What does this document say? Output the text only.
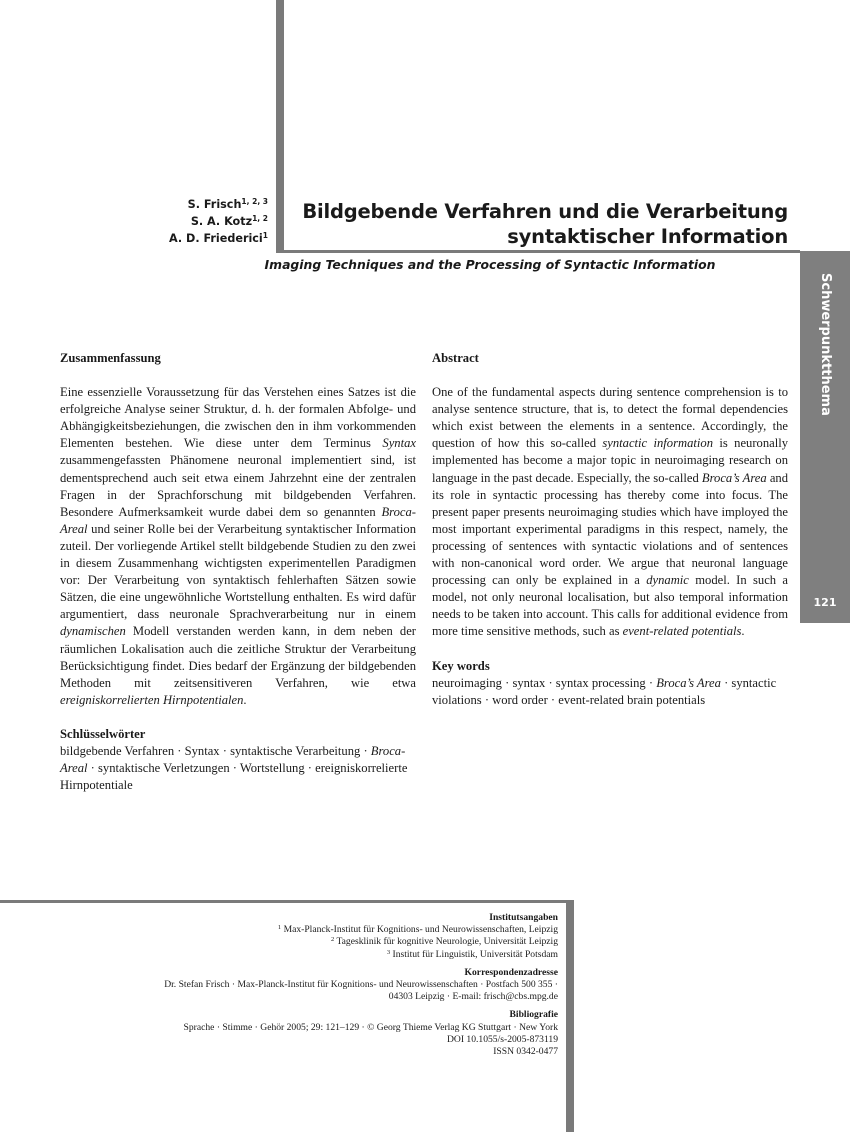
Schwerpunktthema
121
S. Frisch$^{1, 2, 3}$
S. A. Kotz$^{1, 2}$
A. D. Friederici$^1$
Bildgebende Verfahren und die Verarbeitung
syntaktischer Information
Imaging Techniques and the Processing of Syntactic Information
Zusammenfassung

Eine essenzielle Voraussetzung für das Verstehen eines Satzes ist die erfolgreiche Analyse seiner Struktur, d. h. der formalen Abfolge- und Abhängigkeitsbeziehungen, die zwischen den in ihm vorkommenden Elementen bestehen. Wie diese unter dem Terminus Syntax zusammengefassten Phänomene neuronal implementiert sind, ist dementsprechend auch seit etwa einem Jahrzehnt eine der zentralen Fragen in der Sprachforschung mit bildgebenden Verfahren. Besondere Aufmerksamkeit wurde dabei dem so genannten Broca-Areal und seiner Rolle bei der Verarbeitung syntaktischer Information zuteil. Der vorliegende Artikel stellt bildgebende Studien zu den zwei in diesem Zusammenhang wichtigsten experimentellen Paradigmen vor: Der Verarbeitung von syntaktisch fehlerhaften Sätzen sowie Sätzen, die eine ungewöhnliche Wortstellung enthalten. Es wird dafür argumentiert, dass neuronale Sprachverarbeitung nur in einem dynamischen Modell verstanden werden kann, in dem neben der räumlichen Lokalisation auch die zeitliche Struktur der Verarbeitung Berücksichtigung findet. Dies bedarf der Ergänzung der bildgebenden Methoden mit zeitsensitiveren Verfahren, wie etwa ereigniskorrelierten Hirnpotentialen.

Schlüsselwörter

bildgebende Verfahren · Syntax · syntaktische Verarbeitung · Broca-Areal · syntaktische Verletzungen · Wortstellung · ereigniskorrelierte Hirnpotentiale

Abstract

One of the fundamental aspects during sentence comprehension is to analyse sentence structure, that is, to detect the formal dependencies which exist between the elements in a sentence. Accordingly, the question of how this so-called syntactic information is neuronally implemented has become a major topic in neuroimaging research on language in the past decade. Especially, the so-called Broca’s Area and its role in syntactic processing has thereby come into focus. The present paper presents neuroimaging studies which have imployed the most important experimental paradigms in this respect, namely, the processing of sentences with syntactic violations and of sentences with non-canonical word order. We argue that neuronal language processing can only be explained in a dynamic model. In such a model, not only neuronal localisation, but also temporal information needs to be taken into account. This calls for additional evidence from more time sensitive methods, such as event-related potentials.

Key words

neuroimaging · syntax · syntax processing · Broca’s Area · syntactic violations · word order · event-related brain potentials

Institutsangaben
$^1$ Max-Planck-Institut für Kognitions- und Neurowissenschaften, Leipzig
$^2$ Tagesklinik für kognitive Neurologie, Universität Leipzig
$^3$ Institut für Linguistik, Universität Potsdam
Korrespondenzadresse
Dr. Stefan Frisch · Max-Planck-Institut für Kognitions- und Neurowissenschaften · Postfach 500 355 ·
04303 Leipzig · E-mail: frisch@cbs.mpg.de
Bibliografie
Sprache · Stimme · Gehör 2005; 29: 121–129 · © Georg Thieme Verlag KG Stuttgart · New York
DOI 10.1055/s-2005-873119
ISSN 0342-0477
